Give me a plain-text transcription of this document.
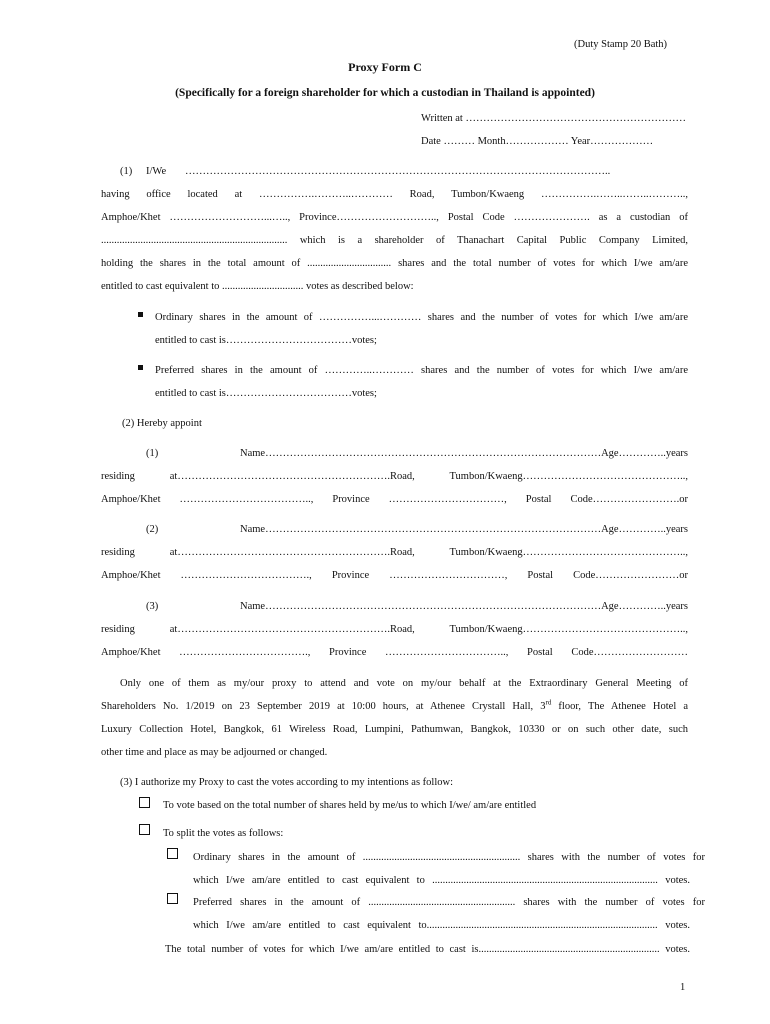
(Duty Stamp 20 Bath)
Proxy Form C
(Specifically for a foreign shareholder for which a custodian in Thailand is appointed)
Written at ………………………………………………………
Date ……… Month……………… Year………………
(1) I/We …………………………………………………………………………………………………………..
having office located at …………….………..………… Road, Tumbon/Kwaeng …………….……..……..………..,
Amphoe/Khet ………………………...….., Province……………………….., Postal Code …………………. as a custodian of
....................................................................... which is a shareholder of Thanachart Capital Public Company Limited,
holding the shares in the total amount of ................................ shares and the total number of votes for which I/we am/are
entitled to cast equivalent to ............................... votes as described below:
Ordinary shares in the amount of ……………...………… shares and the number of votes for which I/we am/are
entitled to cast is………………………………votes;
Preferred shares in the amount of …………..………… shares and the number of votes for which I/we am/are
entitled to cast is………………………………votes;
(2) Hereby appoint
(1) Name……………………………………………………………………………………Age…………..years
residing at…………………………………………………….Road, Tumbon/Kwaeng………………………………………..,
Amphoe/Khet ……………………………….., Province ……………………………, Postal Code…………………….or
(2) Name……………………………………………………………………………………Age…………..years
residing at…………………………………………………….Road, Tumbon/Kwaeng………………………………………..,
Amphoe/Khet ………………………………., Province ……………………………, Postal Code……………………or
(3) Name……………………………………………………………………………………Age…………..years
residing at…………………………………………………….Road, Tumbon/Kwaeng………………………………………..,
Amphoe/Khet ………………………………., Province …………………………….., Postal Code………………………
Only one of them as my/our proxy to attend and vote on my/our behalf at the Extraordinary General Meeting of
Shareholders No. 1/2019 on 23 September 2019 at 10:00 hours, at Athenee Crystall Hall, 3rd floor, The Athenee Hotel a
Luxury Collection Hotel, Bangkok, 61 Wireless Road, Lumpini, Pathumwan, Bangkok, 10330 or on such other date, such
other time and place as may be adjourned or changed.
(3) I authorize my Proxy to cast the votes according to my intentions as follow:
To vote based on the total number of shares held by me/us to which I/we/ am/are entitled
To split the votes as follows:
Ordinary shares in the amount of ............................................................ shares with the number of votes for
which I/we am/are entitled to cast equivalent to ...................................................................................... votes.
Preferred shares in the amount of ........................................................ shares with the number of votes for
which I/we am/are entitled to cast equivalent to........................................................................................ votes.
The total number of votes for which I/we am/are entitled to cast is..................................................................... votes.
1
